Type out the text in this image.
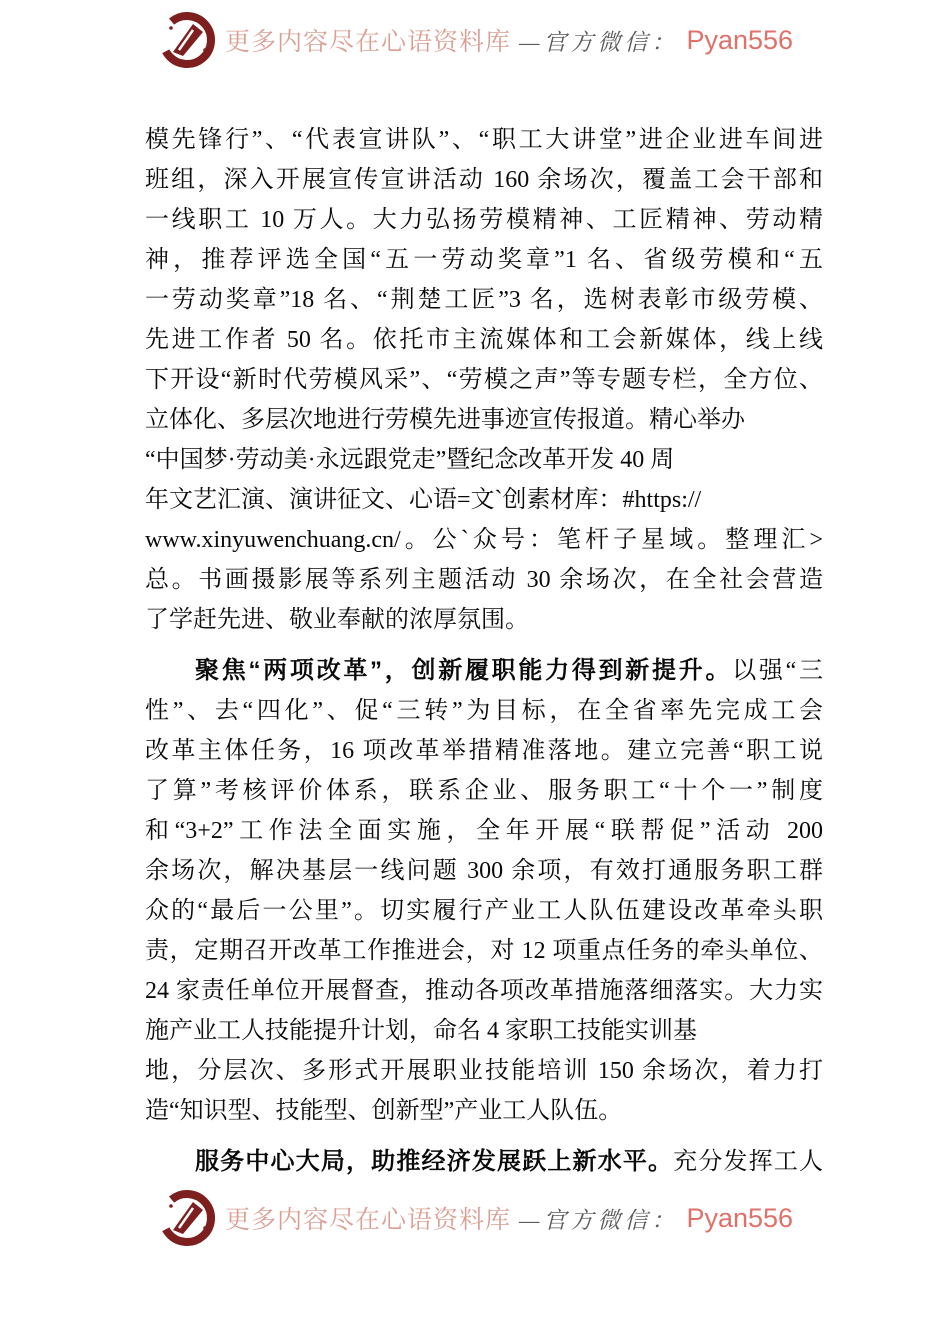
更多内容尽在心语资料库 —官方微信： Pyan556
模先锋行”、“代表宣讲队”、“职工大讲堂”进企业进车间进
班组，深入开展宣传宣讲活动 160 余场次，覆盖工会干部和
一线职工 10 万人。大力弘扬劳模精神、工匠精神、劳动精
神，推荐评选全国“五一劳动奖章”1 名、省级劳模和“五
一劳动奖章”18 名、“荆楚工匠”3 名，选树表彰市级劳模、
先进工作者 50 名。依托市主流媒体和工会新媒体，线上线
下开设“新时代劳模风采”、“劳模之声”等专题专栏，全方位、
立体化、多层次地进行劳模先进事迹宣传报道。精心举办
“中国梦·劳动美·永远跟党走”暨纪念改革开发 40 周
年文艺汇演、演讲征文、心语=文`创素材库：#https://
www.xinyuwenchuang.cn/。公`众号：笔杆子星域。整理汇>
总。书画摄影展等系列主题活动 30 余场次，在全社会营造
了学赶先进、敬业奉献的浓厚氛围。
聚焦“两项改革”，创新履职能力得到新提升。以强“三
性”、去“四化”、促“三转”为目标，在全省率先完成工会
改革主体任务，16 项改革举措精准落地。建立完善“职工说
了算”考核评价体系，联系企业、服务职工“十个一”制度
和“3+2”工作法全面实施，全年开展“联帮促”活动 200
余场次，解决基层一线问题 300 余项，有效打通服务职工群
众的“最后一公里”。切实履行产业工人队伍建设改革牵头职
责，定期召开改革工作推进会，对 12 项重点任务的牵头单位、
24 家责任单位开展督查，推动各项改革措施落细落实。大力实
施产业工人技能提升计划，命名 4 家职工技能实训基
地，分层次、多形式开展职业技能培训 150 余场次，着力打
造“知识型、技能型、创新型”产业工人队伍。
服务中心大局，助推经济发展跃上新水平。充分发挥工人
更多内容尽在心语资料库 —官方微信： Pyan556
